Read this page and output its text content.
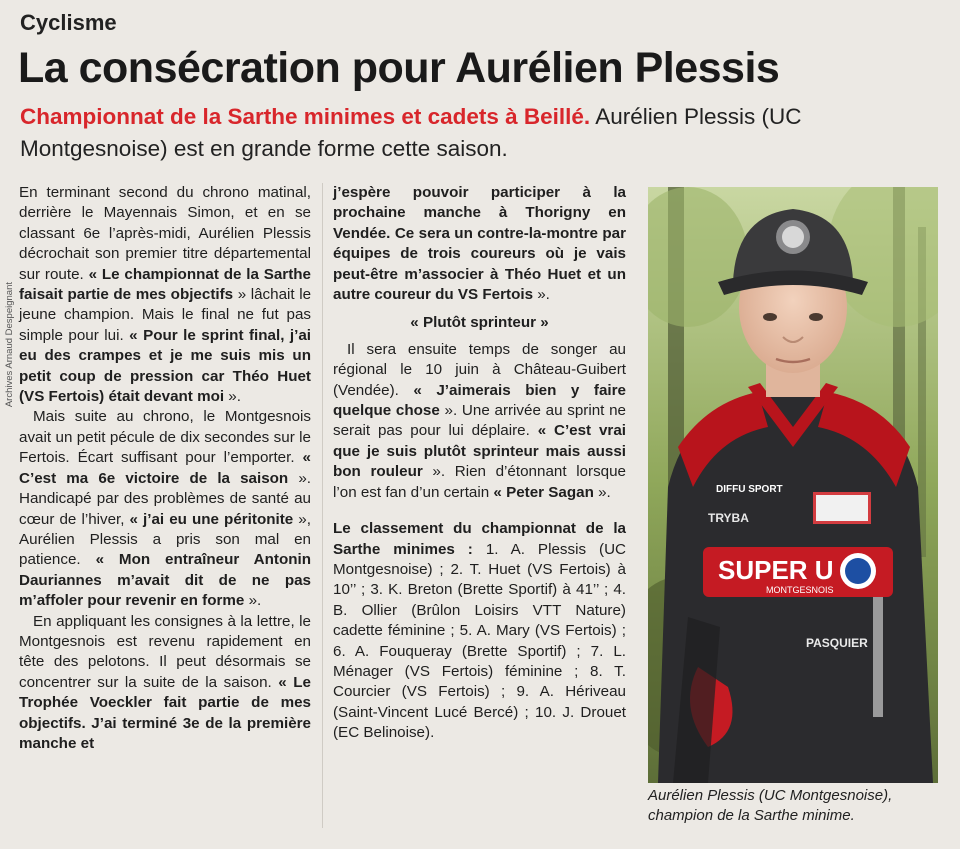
Cyclisme
La consécration pour Aurélien Plessis
Championnat de la Sarthe minimes et cadets à Beillé. Aurélien Plessis (UC Montgesnoise) est en grande forme cette saison.
Archives Arnaud Despeignant

En terminant second du chrono matinal, derrière le Mayennais Simon, et en se classant 6e l’après-midi, Aurélien Plessis décrochait son premier titre départemental sur route. « Le championnat de la Sarthe faisait partie de mes objectifs » lâchait le jeune champion. Mais le final ne fut pas simple pour lui. « Pour le sprint final, j’ai eu des crampes et je me suis mis un petit coup de pression car Théo Huet (VS Fertois) était devant moi ».

Mais suite au chrono, le Montgesnois avait un petit pécule de dix secondes sur le Fertois. Écart suffisant pour l’emporter. « C’est ma 6e victoire de la saison ». Handicapé par des problèmes de santé au cœur de l’hiver, « j’ai eu une péritonite », Aurélien Plessis a pris son mal en patience. « Mon entraîneur Antonin Dauriannes m’avait dit de ne pas m’affoler pour revenir en forme ».

En appliquant les consignes à la lettre, le Montgesnois est revenu rapidement en tête des pelotons. Il peut désormais se concentrer sur la suite de la saison. « Le Trophée Voeckler fait partie de mes objectifs. J’ai terminé 3e de la première manche et

j’espère pouvoir participer à la prochaine manche à Thorigny en Vendée. Ce sera un contre-la-montre par équipes de trois coureurs où je vais peut-être m’associer à Théo Huet et un autre coureur du VS Fertois ».

« Plutôt sprinteur »

Il sera ensuite temps de songer au régional le 10 juin à Château-Guibert (Vendée). « J’aimerais bien y faire quelque chose ». Une arrivée au sprint ne serait pas pour lui déplaire. « C’est vrai que je suis plutôt sprinteur mais aussi bon rouleur ». Rien d’étonnant lorsque l’on est fan d’un certain « Peter Sagan ».

Le classement du championnat de la Sarthe minimes : 1. A. Plessis (UC Montgesnoise) ; 2. T. Huet (VS Fertois) à 10’’ ; 3. K. Breton (Brette Sportif) à 41’’ ; 4. B. Ollier (Brûlon Loisirs VTT Nature) cadette féminine ; 5. A. Mary (VS Fertois) ; 6. A. Fouqueray (Brette Sportif) ; 7. L. Ménager (VS Fertois) féminine ; 8. T. Courcier (VS Fertois) ; 9. A. Hériveau (Saint-Vincent Lucé Bercé) ; 10. J. Drouet (EC Belinoise).

SUPER U
MONTGESNOIS
DIFFU SPORT
TRYBA
PASQUIER
Aurélien Plessis (UC Montgesnoise), champion de la Sarthe minime.
